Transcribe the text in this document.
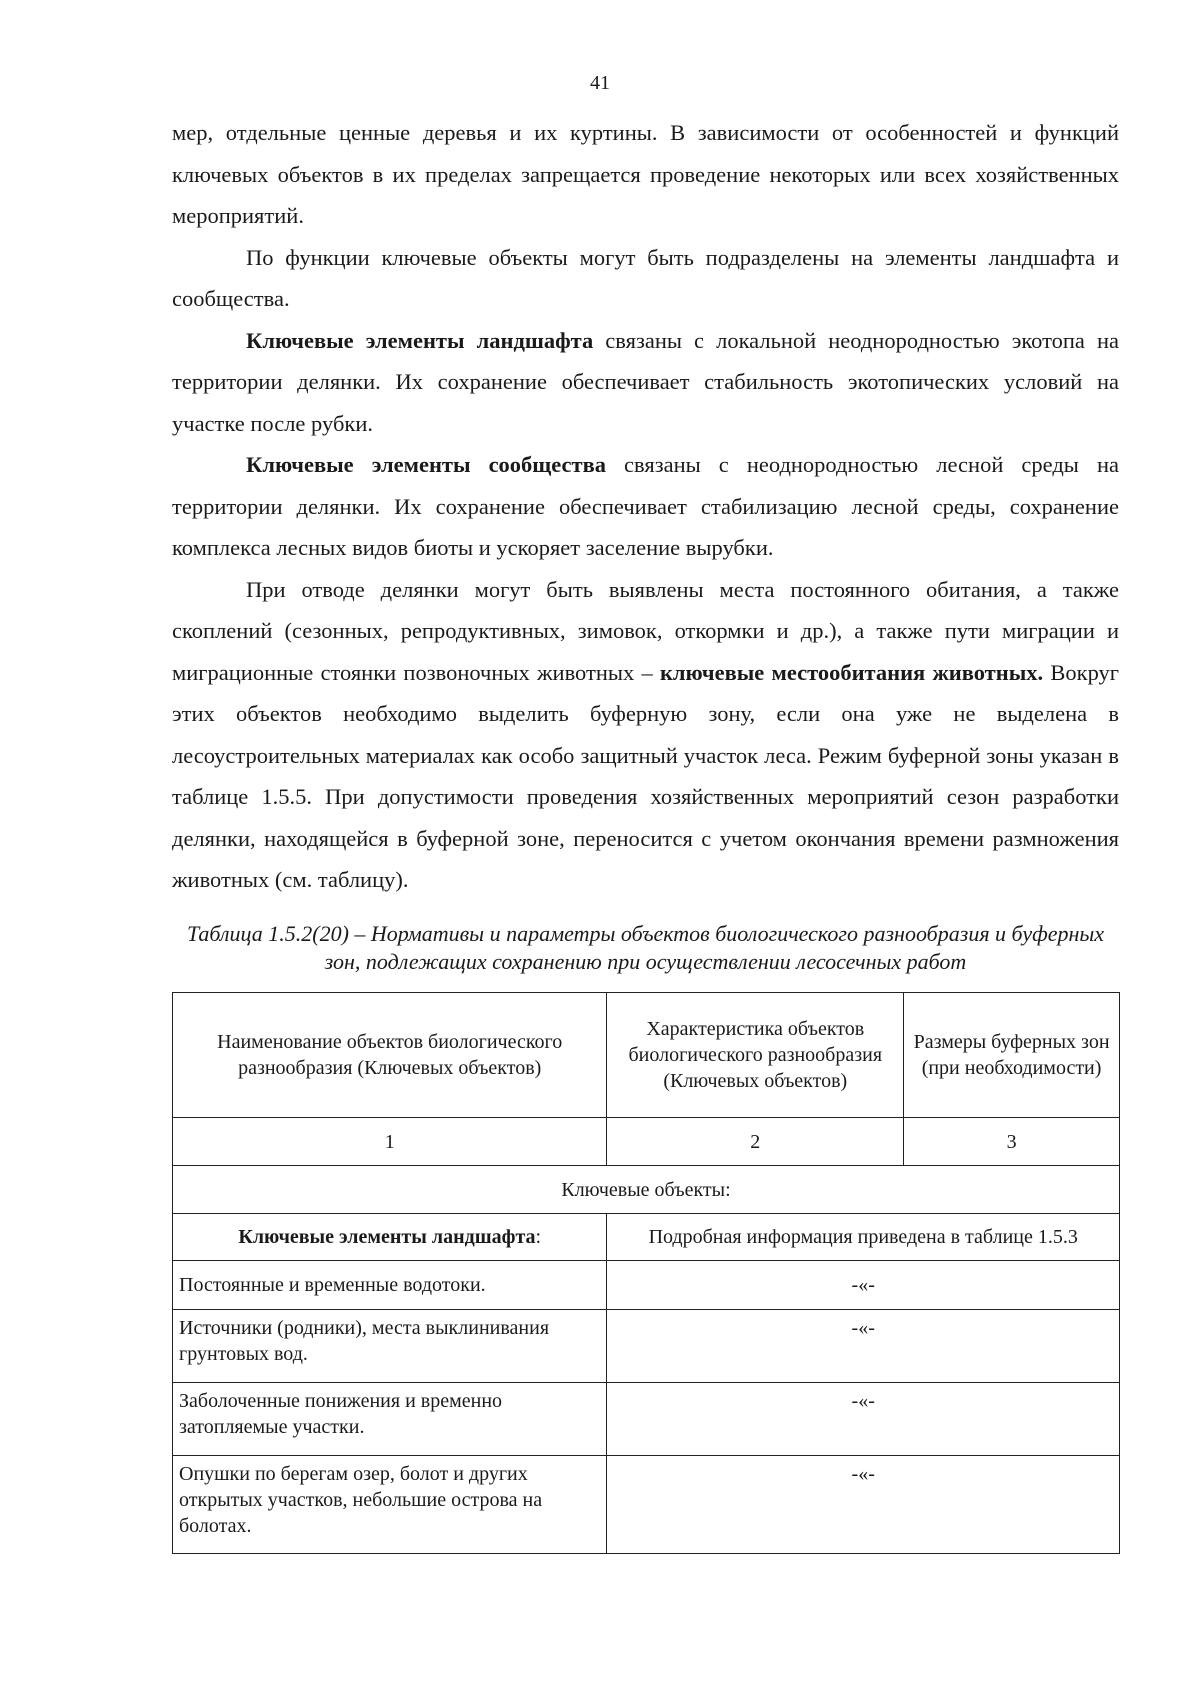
41

мер, отдельные ценные деревья и их куртины. В зависимости от особенностей и функций ключевых объектов в их пределах запрещается проведение некоторых или всех хозяйственных мероприятий.

По функции ключевые объекты могут быть подразделены на элементы ландшафта и сообщества.

Ключевые элементы ландшафта связаны с локальной неоднородностью экотопа на территории делянки. Их сохранение обеспечивает стабильность экотопических условий на участке после рубки.

Ключевые элементы сообщества связаны с неоднородностью лесной среды на территории делянки. Их сохранение обеспечивает стабилизацию лесной среды, сохранение комплекса лесных видов биоты и ускоряет заселение вырубки.

При отводе делянки могут быть выявлены места постоянного обитания, а также скоплений (сезонных, репродуктивных, зимовок, откормки и др.), а также пути миграции и миграционные стоянки позвоночных животных – ключевые местообитания животных. Вокруг этих объектов необходимо выделить буферную зону, если она уже не выделена в лесоустроительных материалах как особо защитный участок леса. Режим буферной зоны указан в таблице 1.5.5. При допустимости проведения хозяйственных мероприятий сезон разработки делянки, находящейся в буферной зоне, переносится с учетом окончания времени размножения животных (см. таблицу).

Таблица 1.5.2(20) – Нормативы и параметры объектов биологического разнообразия и буферных зон, подлежащих сохранению при осуществлении лесосечных работ
Наименование объектов биологического разнообразия (Ключевых объектов)	Характеристика объектов биологического разнообразия (Ключевых объектов)	Размеры буферных зон (при необходимости)
1	2	3
Ключевые объекты:		
Ключевые элементы ландшафта:	Подробная информация приведена в таблице 1.5.3	
Постоянные и временные водотоки.	-«-	
Источники (родники), места выклинивания грунтовых вод.	-«-	
Заболоченные понижения и временно затопляемые участки.	-«-	
Опушки по берегам озер, болот и других открытых участков, небольшие острова на болотах.	-«-	
